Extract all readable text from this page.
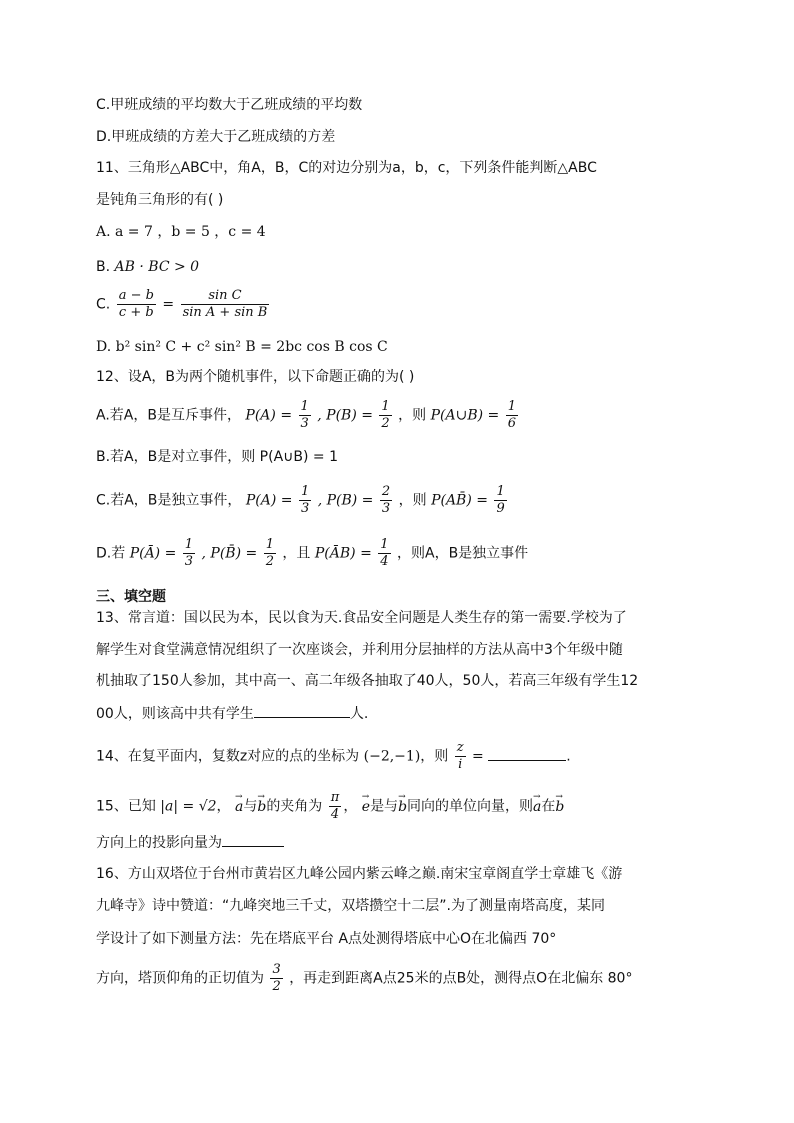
C.甲班成绩的平均数大于乙班成绩的平均数
D.甲班成绩的方差大于乙班成绩的方差
11、三角形△ABC中，角A，B，C的对边分别为a，b，c，下列条件能判断△ABC
是钝角三角形的有( )
A. a = 7 ，b = 5 ，c = 4
B. AB · BC > 0
C. $\frac{a - b}{c + b} = \frac{\text{sin C}}{\text{sin A + sin B}}$
D. b² sin² C + c² sin² B = 2bc cos B cos C
12、设A，B为两个随机事件，以下命题正确的为( )
A.若A，B是互斥事件， $P(A) = \frac{1}{3}$ , $P(B) = \frac{1}{2}$ ，则 P(A∪B) = $\frac{1}{6}$
B.若A，B是对立事件，则 P(A∪B) = 1
C.若A，B是独立事件， $P(A) = \frac{1}{3}$ , $P(B) = \frac{2}{3}$ ，则 P(AB̄) = $\frac{1}{9}$
D.若 P(Ā) = $\frac{1}{3}$ , P(B̄) = $\frac{1}{2}$ ，且 P(ĀB) = $\frac{1}{4}$ ，则A，B是独立事件
三、填空题
13、常言道：国以民为本，民以食为天.食品安全问题是人类生存的第一需要.学校为了
解学生对食堂满意情况组织了一次座谈会，并利用分层抽样的方法从高中3个年级中随
机抽取了150人参加，其中高一、高二年级各抽取了40人，50人，若高三年级有学生12
00人，则该高中共有学生	人.
14、在复平面内，复数z对应的点的坐标为 (−2,−1)，则 $\frac{z}{i}$ =	.
15、已知 |a| = √2， → a与→ b的夹角为 $\frac{\pi}{4}$ ， → e是与→ b同向的单位向量，则→ a在→ b
方向上的投影向量为
16、方山双塔位于台州市黄岩区九峰公园内紫云峰之巅.南宋宝章阁直学士章雄飞《游
九峰寺》诗中赞道：“九峰突地三千丈，双塔攒空十二层”.为了测量南塔高度，某同
学设计了如下测量方法：先在塔底平台 A点处测得塔底中心O在北偏西 70°
方向，塔顶仰角的正切值为 $\frac{3}{2}$ ，再走到距离A点25米的点B处，测得点O在北偏东 80°
